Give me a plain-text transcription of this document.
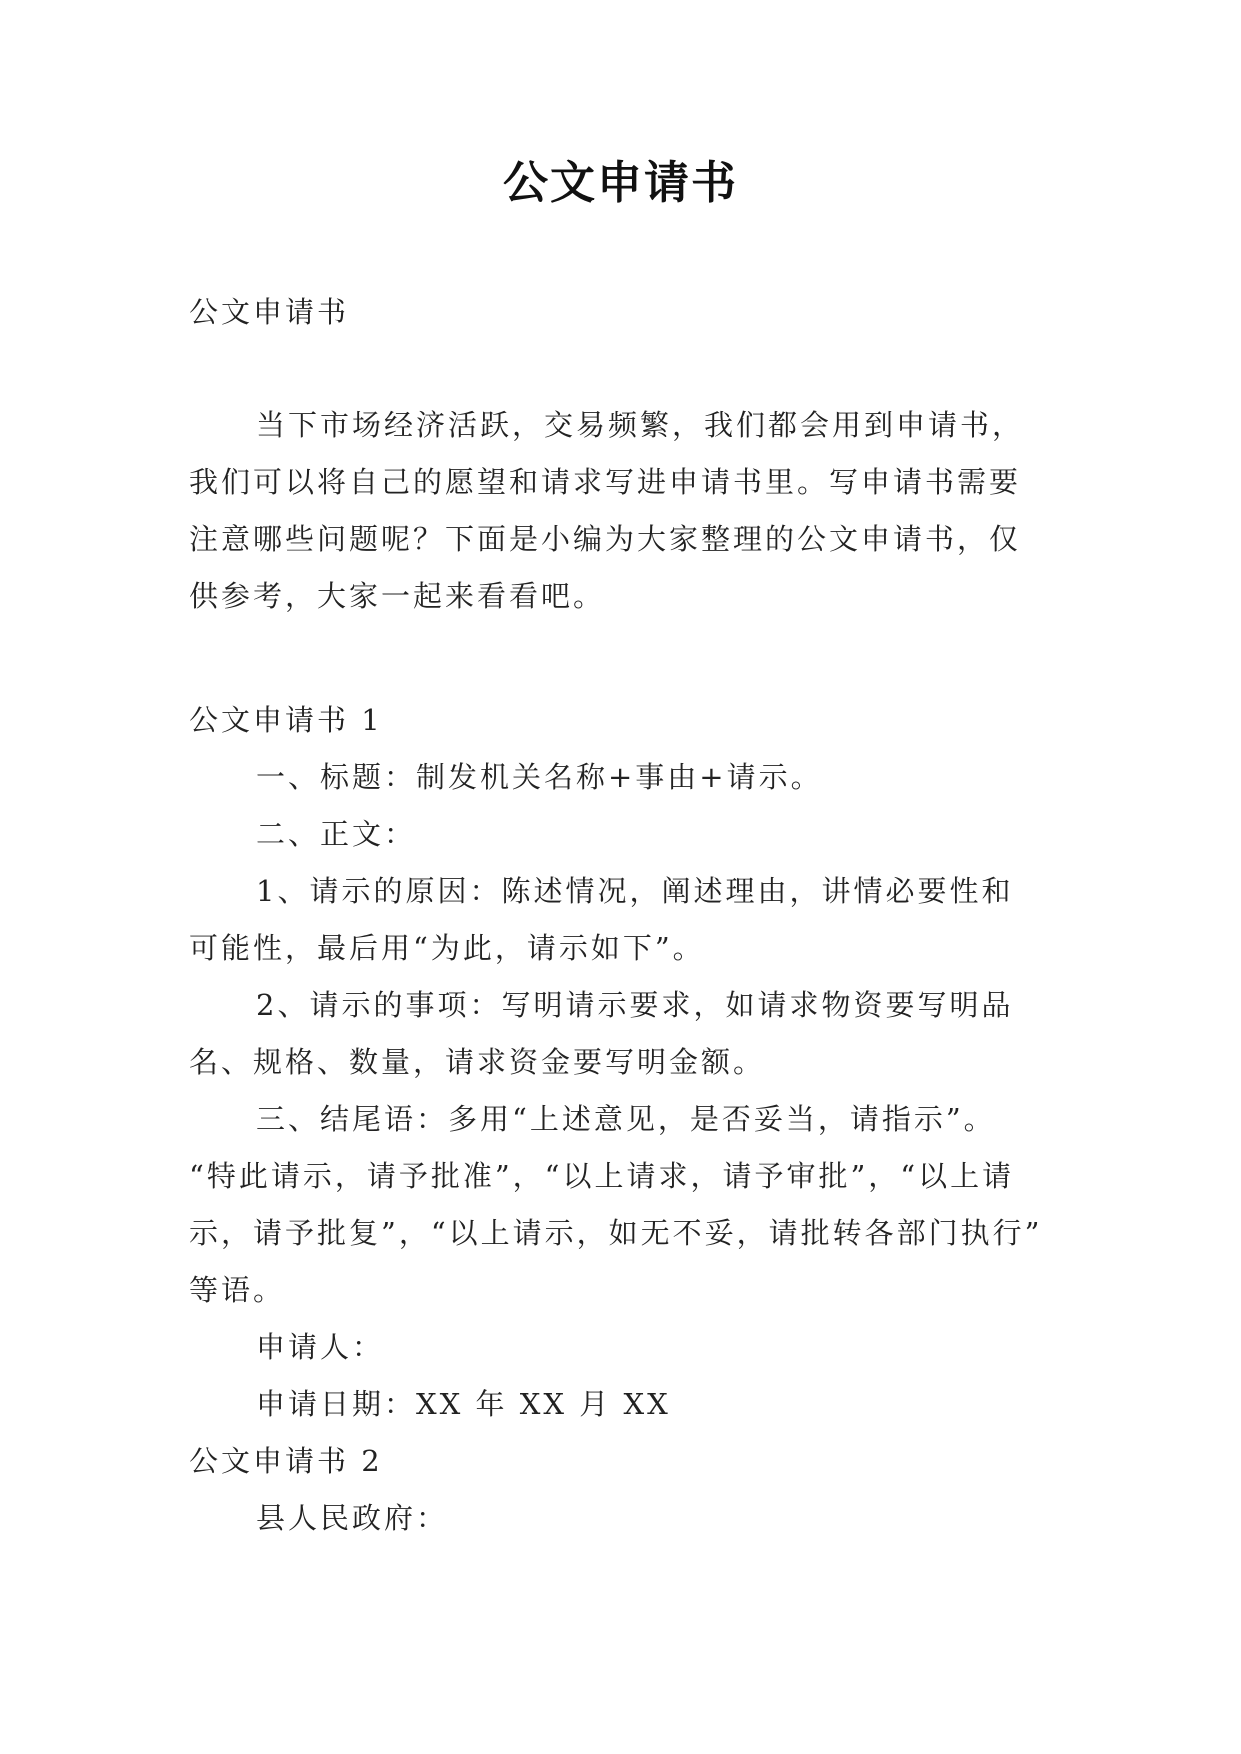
公文申请书
公文申请书
当下市场经济活跃，交易频繁，我们都会用到申请书，
我们可以将自己的愿望和请求写进申请书里。写申请书需要
注意哪些问题呢？下面是小编为大家整理的公文申请书，仅
供参考，大家一起来看看吧。
公文申请书 1
一、标题：制发机关名称+事由+请示。
二、正文：
1、请示的原因：陈述情况，阐述理由，讲情必要性和
可能性，最后用“为此，请示如下”。
2、请示的事项：写明请示要求，如请求物资要写明品
名、规格、数量，请求资金要写明金额。
三、结尾语：多用“上述意见，是否妥当，请指示”。
“特此请示，请予批准”，“以上请求，请予审批”，“以上请
示，请予批复”，“以上请示，如无不妥，请批转各部门执行”
等语。
申请人：
申请日期：XX 年 XX 月 XX
公文申请书 2
县人民政府：
